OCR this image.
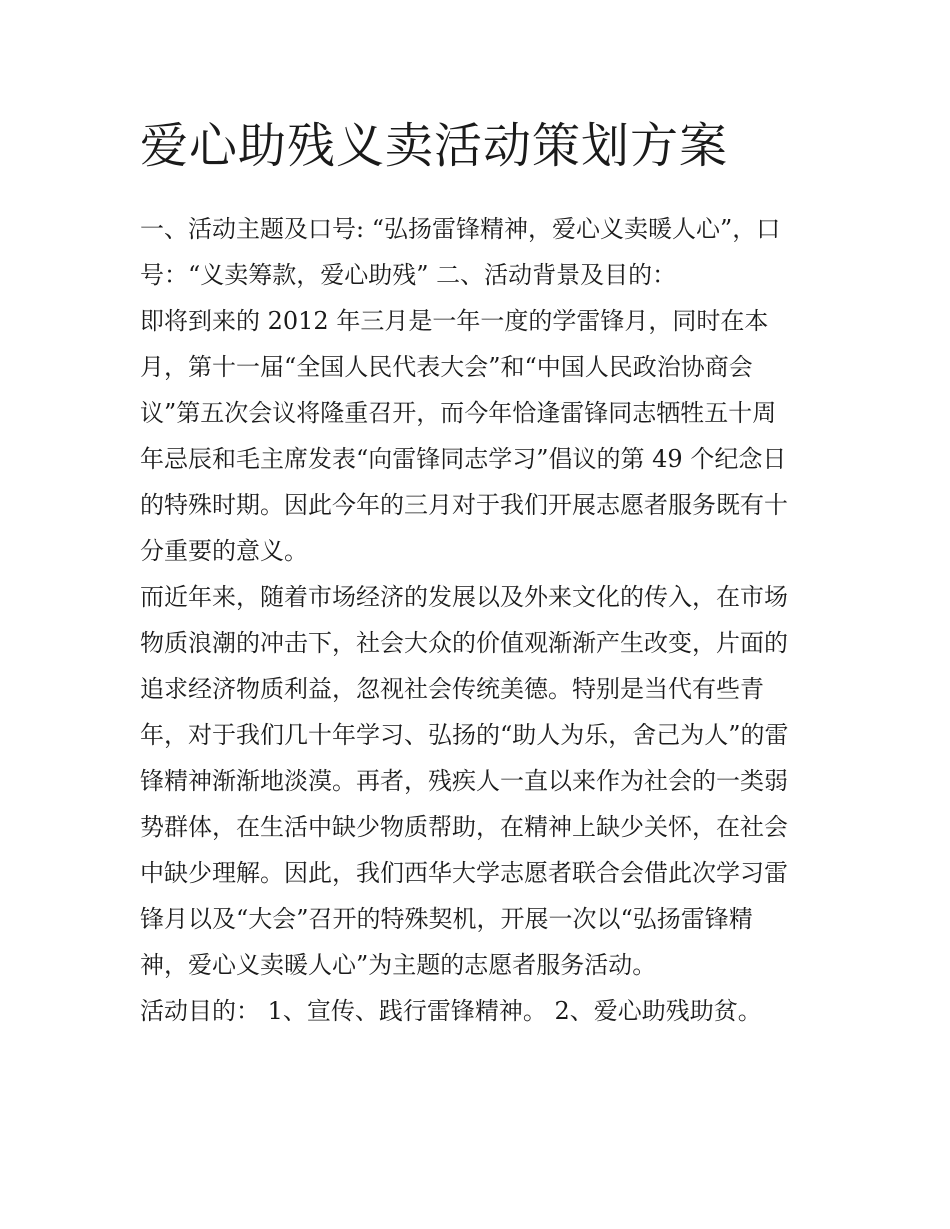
爱心助残义卖活动策划方案

一、活动主题及口号: “弘扬雷锋精神，爱心义卖暖人心”，口

号：“义卖筹款，爱心助残” 二、活动背景及目的：

即将到来的 2012 年三月是一年一度的学雷锋月，同时在本

月，第十一届“全国人民代表大会”和“中国人民政治协商会

议”第五次会议将隆重召开，而今年恰逢雷锋同志牺牲五十周

年忌辰和毛主席发表“向雷锋同志学习”倡议的第 49 个纪念日

的特殊时期。因此今年的三月对于我们开展志愿者服务既有十

分重要的意义。

而近年来，随着市场经济的发展以及外来文化的传入，在市场

物质浪潮的冲击下，社会大众的价值观渐渐产生改变，片面的

追求经济物质利益，忽视社会传统美德。特别是当代有些青

年，对于我们几十年学习、弘扬的“助人为乐，舍己为人”的雷

锋精神渐渐地淡漠。再者，残疾人一直以来作为社会的一类弱

势群体，在生活中缺少物质帮助，在精神上缺少关怀，在社会

中缺少理解。因此，我们西华大学志愿者联合会借此次学习雷

锋月以及“大会”召开的特殊契机，开展一次以“弘扬雷锋精

神，爱心义卖暖人心”为主题的志愿者服务活动。

活动目的： 1、宣传、践行雷锋精神。 2、爱心助残助贫。
